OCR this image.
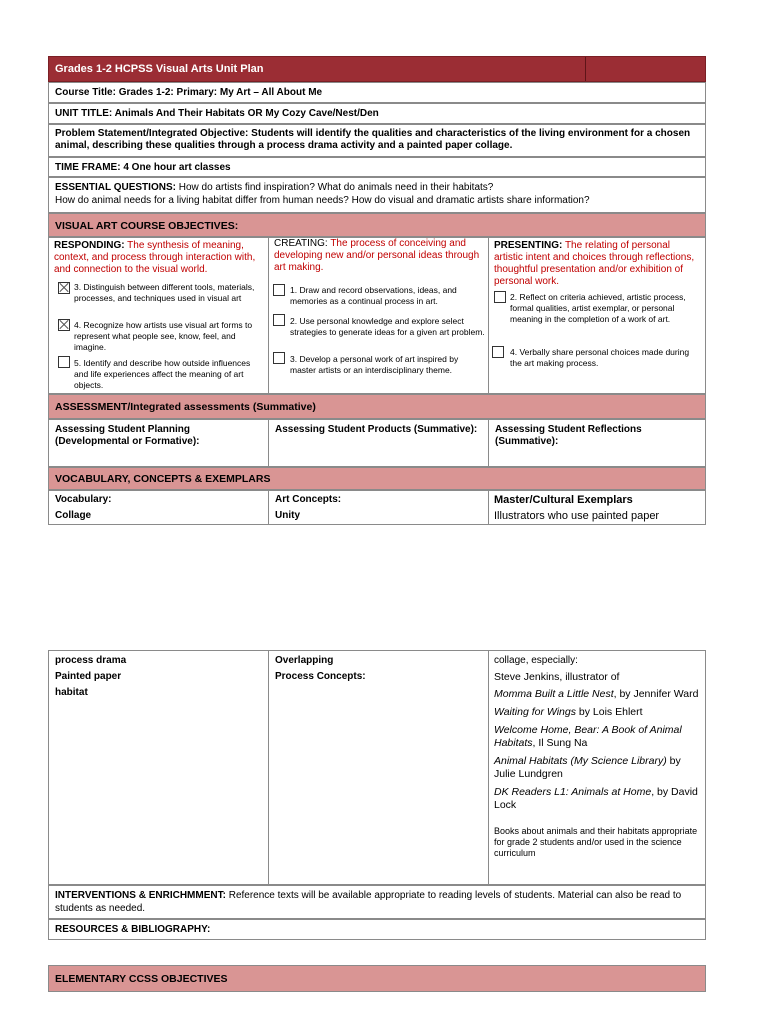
Grades 1-2 HCPSS Visual Arts Unit Plan
Course Title: Grades 1-2: Primary: My Art – All About Me
UNIT TITLE: Animals And Their Habitats OR My Cozy Cave/Nest/Den
Problem Statement/Integrated Objective: Students will identify the qualities and characteristics of the living environment for a chosen animal, describing these qualities through a process drama activity and a painted paper collage.
TIME FRAME: 4 One hour art classes
ESSENTIAL QUESTIONS: How do artists find inspiration? What do animals need in their habitats?
How do animal needs for a living habitat differ from human needs? How do visual and dramatic artists share information?
VISUAL ART COURSE OBJECTIVES:
RESPONDING: The synthesis of meaning, context, and process through interaction with, and connection to the visual world.
3. Distinguish between different tools, materials, processes, and techniques used in visual art
4. Recognize how artists use visual art forms to represent what people see, know, feel, and imagine.
5. Identify and describe how outside influences and life experiences affect the meaning of art objects.
CREATING: The process of conceiving and developing new and/or personal ideas through art making.
1. Draw and record observations, ideas, and memories as a continual process in art.
2. Use personal knowledge and explore select strategies to generate ideas for a given art problem.
3. Develop a personal work of art inspired by master artists or an interdisciplinary theme.
PRESENTING: The relating of personal artistic intent and choices through reflections, thoughtful presentation and/or exhibition of personal work.
2. Reflect on criteria achieved, artistic process, formal qualities, artist exemplar, or personal meaning in the completion of a work of art.
4. Verbally share personal choices made during the art making process.
ASSESSMENT/Integrated assessments (Summative)
Assessing Student Planning (Developmental or Formative):
Assessing Student Products (Summative):	Assessing Student Reflections (Summative):
VOCABULARY, CONCEPTS & EXEMPLARS
Vocabulary:
Collage
Art Concepts:
Unity
Master/Cultural Exemplars
Illustrators who use painted paper
process drama
Painted paper
habitat
Overlapping
Process Concepts:
collage, especially:
Steve Jenkins, illustrator of
Momma Built a Little Nest, by Jennifer Ward
Waiting for Wings by Lois Ehlert
Welcome Home, Bear: A Book of Animal Habitats, Il Sung Na
Animal Habitats (My Science Library) by Julie Lundgren
DK Readers L1: Animals at Home, by David Lock
Books about animals and their habitats appropriate for grade 2 students and/or used in the science curriculum
INTERVENTIONS & ENRICHMMENT: Reference texts will be available appropriate to reading levels of students. Material can also be read to students as needed.
RESOURCES & BIBLIOGRAPHY:
ELEMENTARY CCSS OBJECTIVES
